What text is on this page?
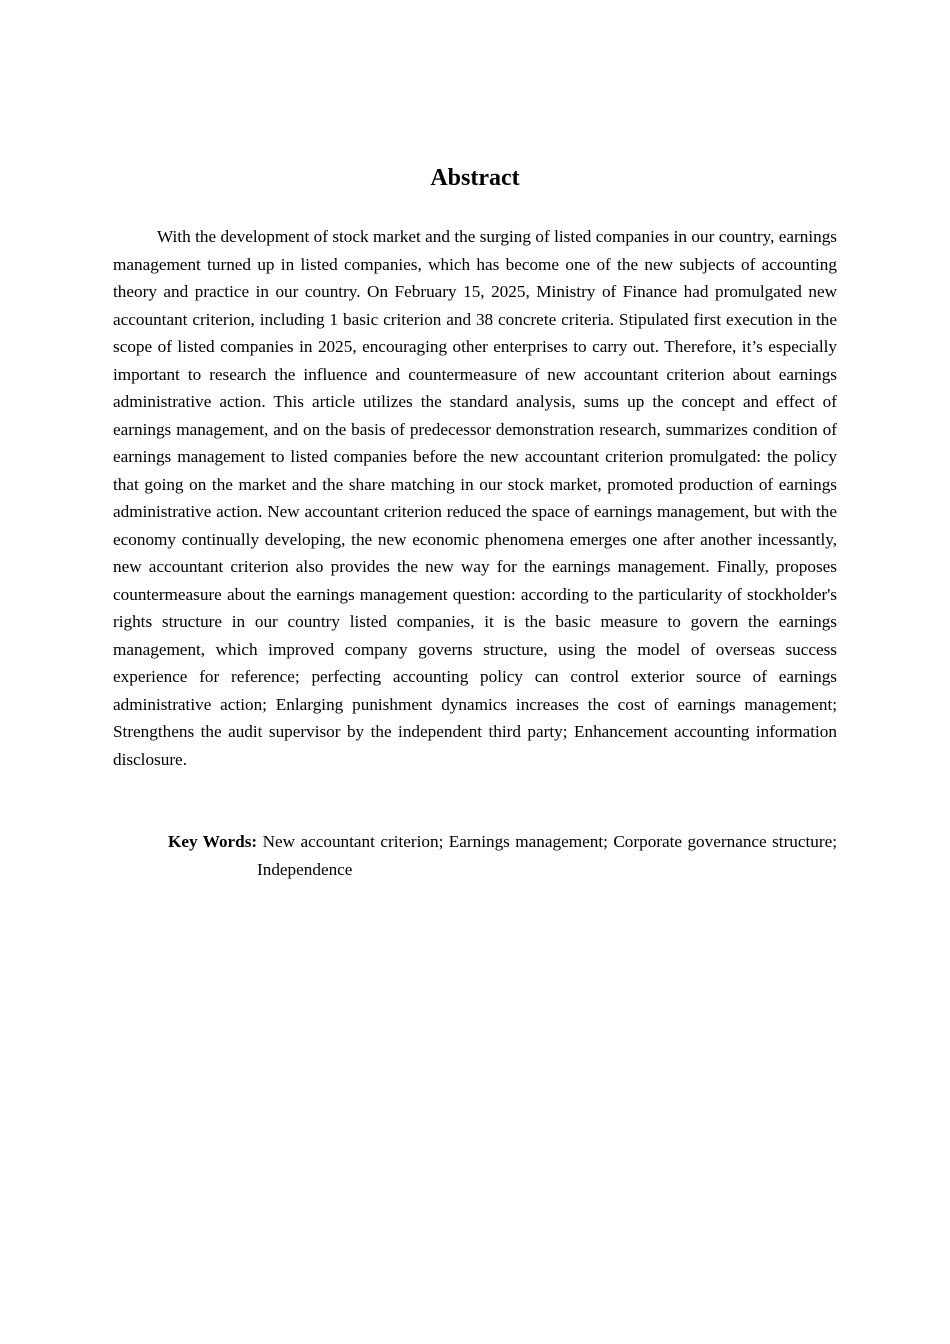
Abstract

With the development of stock market and the surging of listed companies in our country, earnings management turned up in listed companies, which has become one of the new subjects of accounting theory and practice in our country. On February 15, 2025, Ministry of Finance had promulgated new accountant criterion, including 1 basic criterion and 38 concrete criteria. Stipulated first execution in the scope of listed companies in 2025, encouraging other enterprises to carry out. Therefore, it’s especially important to research the influence and countermeasure of new accountant criterion about earnings administrative action. This article utilizes the standard analysis, sums up the concept and effect of earnings management, and on the basis of predecessor demonstration research, summarizes condition of earnings management to listed companies before the new accountant criterion promulgated: the policy that going on the market and the share matching in our stock market, promoted production of earnings administrative action. New accountant criterion reduced the space of earnings management, but with the economy continually developing, the new economic phenomena emerges one after another incessantly, new accountant criterion also provides the new way for the earnings management. Finally, proposes countermeasure about the earnings management question: according to the particularity of stockholder's rights structure in our country listed companies, it is the basic measure to govern the earnings management, which improved company governs structure, using the model of overseas success experience for reference; perfecting accounting policy can control exterior source of earnings administrative action; Enlarging punishment dynamics increases the cost of earnings management; Strengthens the audit supervisor by the independent third party; Enhancement accounting information disclosure.

Key Words: New accountant criterion; Earnings management; Corporate governance structure; Independence
